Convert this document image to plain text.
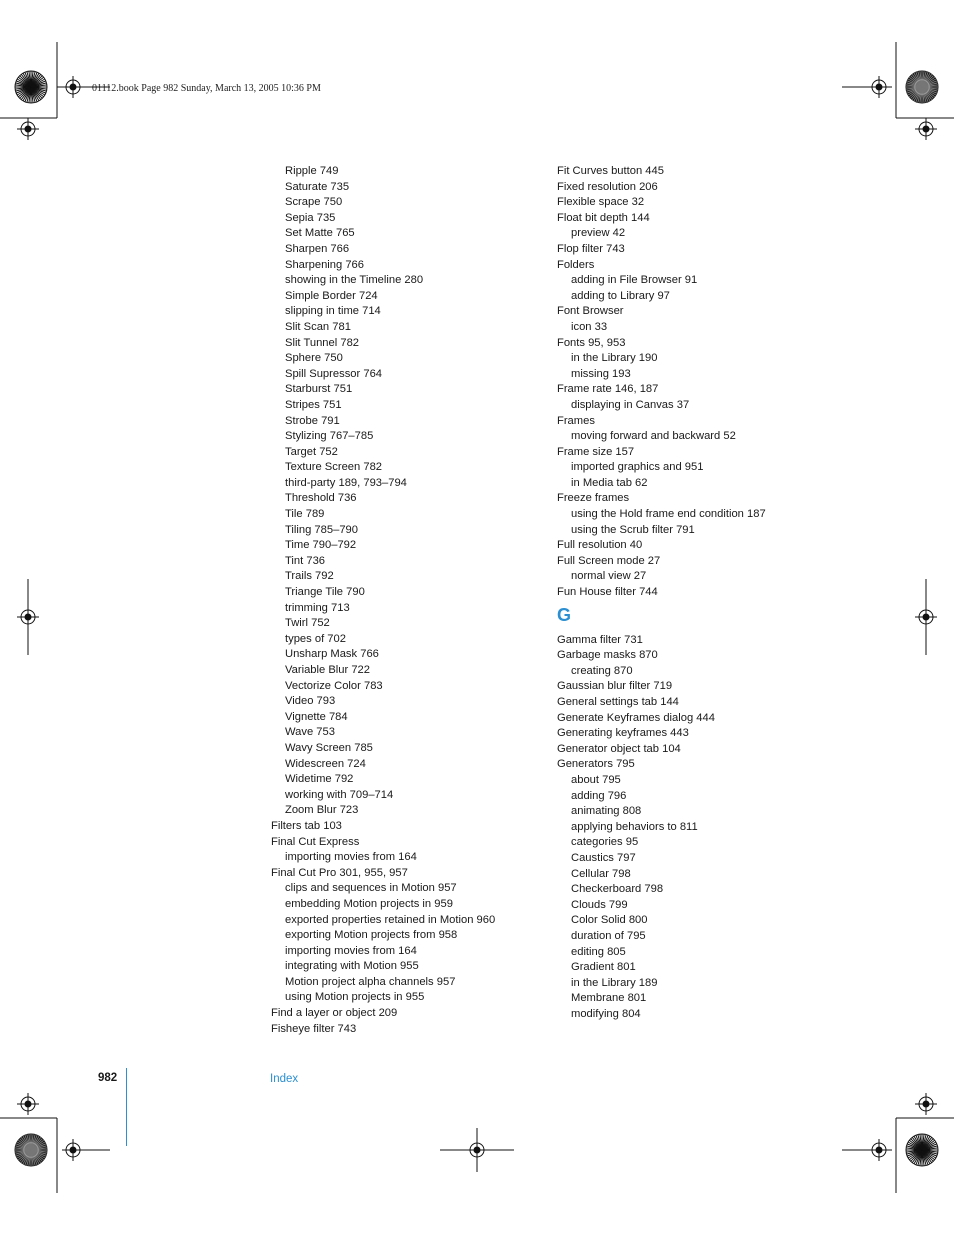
01112.book Page 982 Sunday, March 13, 2005 10:36 PM
Ripple 749
Saturate 735
Scrape 750
Sepia 735
Set Matte 765
Sharpen 766
Sharpening 766
showing in the Timeline 280
Simple Border 724
slipping in time 714
Slit Scan 781
Slit Tunnel 782
Sphere 750
Spill Supressor 764
Starburst 751
Stripes 751
Strobe 791
Stylizing 767–785
Target 752
Texture Screen 782
third-party 189, 793–794
Threshold 736
Tile 789
Tiling 785–790
Time 790–792
Tint 736
Trails 792
Triange Tile 790
trimming 713
Twirl 752
types of 702
Unsharp Mask 766
Variable Blur 722
Vectorize Color 783
Video 793
Vignette 784
Wave 753
Wavy Screen 785
Widescreen 724
Widetime 792
working with 709–714
Zoom Blur 723
Filters tab 103
Final Cut Express
importing movies from 164
Final Cut Pro 301, 955, 957
clips and sequences in Motion 957
embedding Motion projects in 959
exported properties retained in Motion 960
exporting Motion projects from 958
importing movies from 164
integrating with Motion 955
Motion project alpha channels 957
using Motion projects in 955
Find a layer or object 209
Fisheye filter 743
Fit Curves button 445
Fixed resolution 206
Flexible space 32
Float bit depth 144
preview 42
Flop filter 743
Folders
adding in File Browser 91
adding to Library 97
Font Browser
icon 33
Fonts 95, 953
in the Library 190
missing 193
Frame rate 146, 187
displaying in Canvas 37
Frames
moving forward and backward 52
Frame size 157
imported graphics and 951
in Media tab 62
Freeze frames
using the Hold frame end condition 187
using the Scrub filter 791
Full resolution 40
Full Screen mode 27
normal view 27
Fun House filter 744
G
Gamma filter 731
Garbage masks 870
creating 870
Gaussian blur filter 719
General settings tab 144
Generate Keyframes dialog 444
Generating keyframes 443
Generator object tab 104
Generators 795
about 795
adding 796
animating 808
applying behaviors to 811
categories 95
Caustics 797
Cellular 798
Checkerboard 798
Clouds 799
Color Solid 800
duration of 795
editing 805
Gradient 801
in the Library 189
Membrane 801
modifying 804
982	Index
